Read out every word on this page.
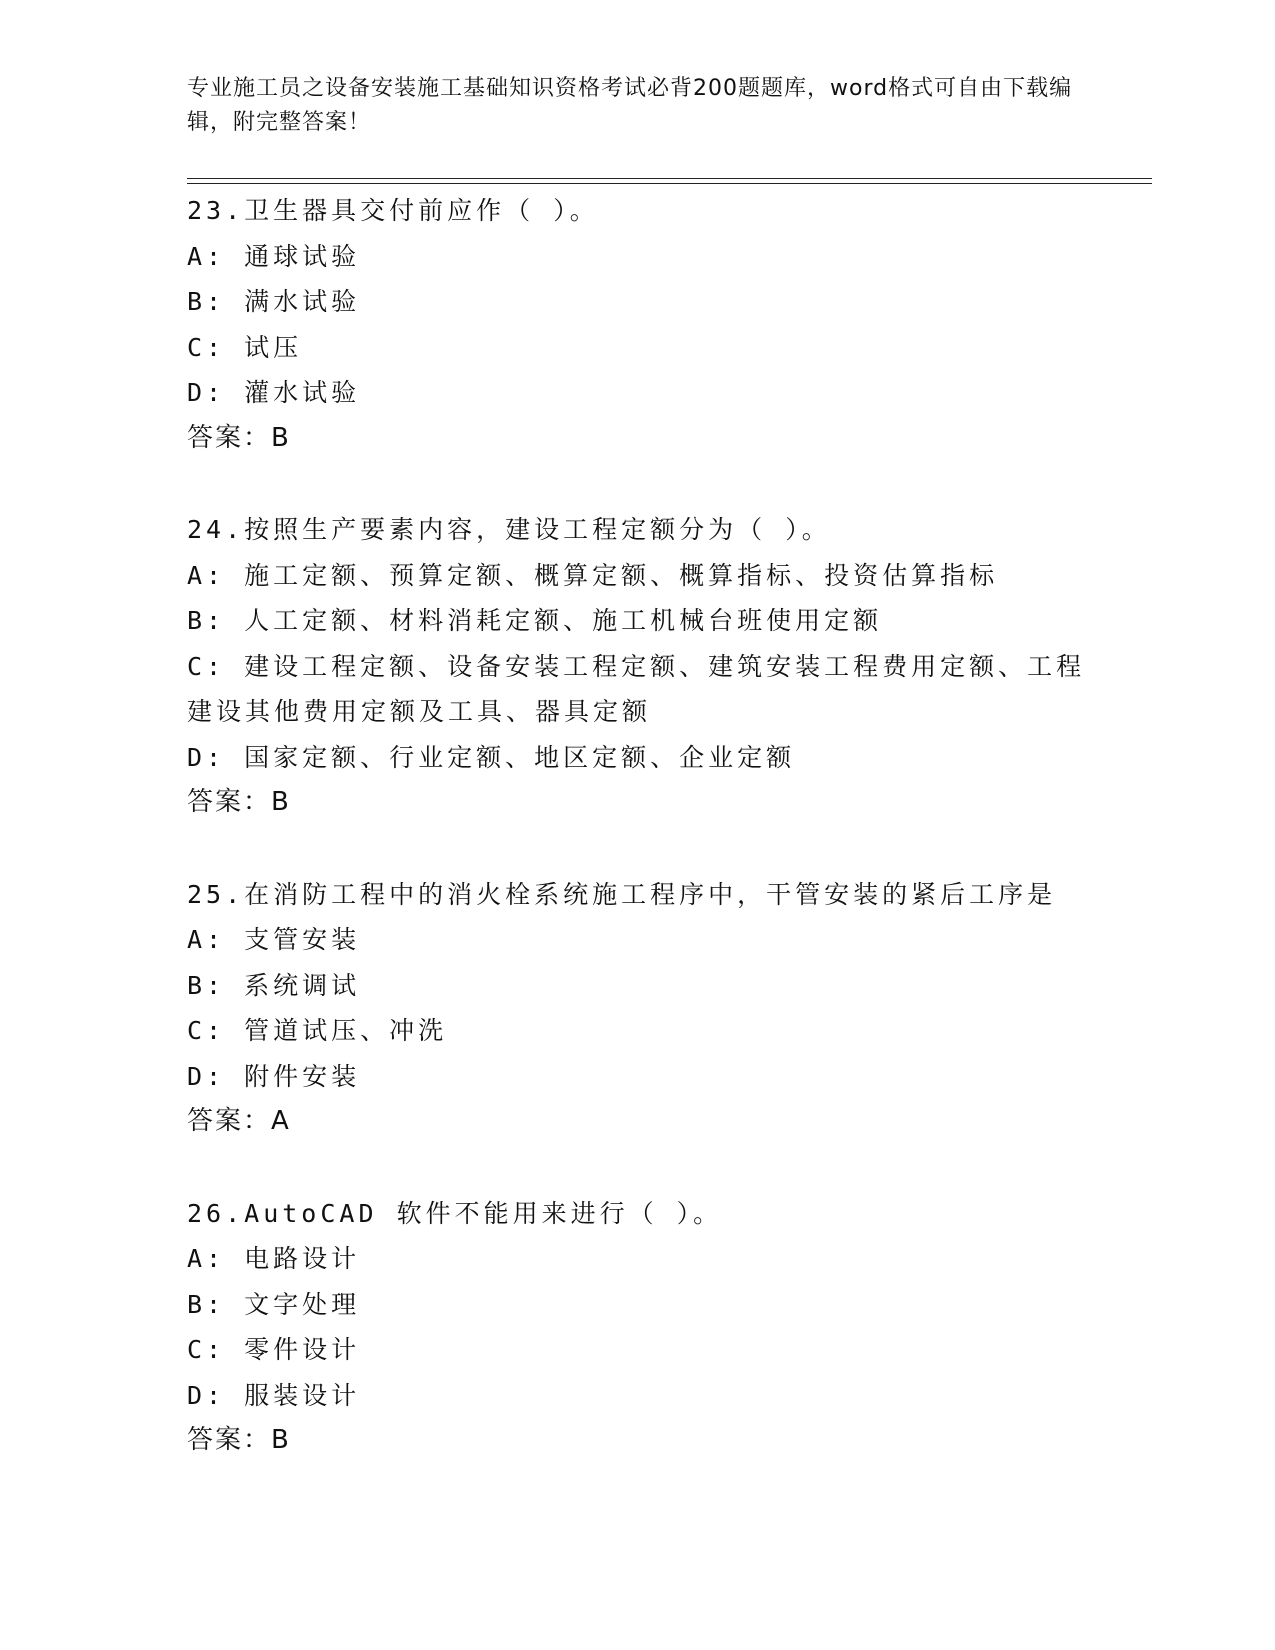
专业施工员之设备安装施工基础知识资格考试必背200题题库，word格式可自由下载编辑，附完整答案！
23.卫生器具交付前应作（ ）。
A: 通球试验
B: 满水试验
C: 试压
D: 灌水试验
答案：B
24.按照生产要素内容，建设工程定额分为（ ）。
A: 施工定额、预算定额、概算定额、概算指标、投资估算指标
B: 人工定额、材料消耗定额、施工机械台班使用定额
C: 建设工程定额、设备安装工程定额、建筑安装工程费用定额、工程建设其他费用定额及工具、器具定额
D: 国家定额、行业定额、地区定额、企业定额
答案：B
25.在消防工程中的消火栓系统施工程序中，干管安装的紧后工序是
A: 支管安装
B: 系统调试
C: 管道试压、冲洗
D: 附件安装
答案：A
26.AutoCAD 软件不能用来进行（ ）。
A: 电路设计
B: 文字处理
C: 零件设计
D: 服装设计
答案：B
